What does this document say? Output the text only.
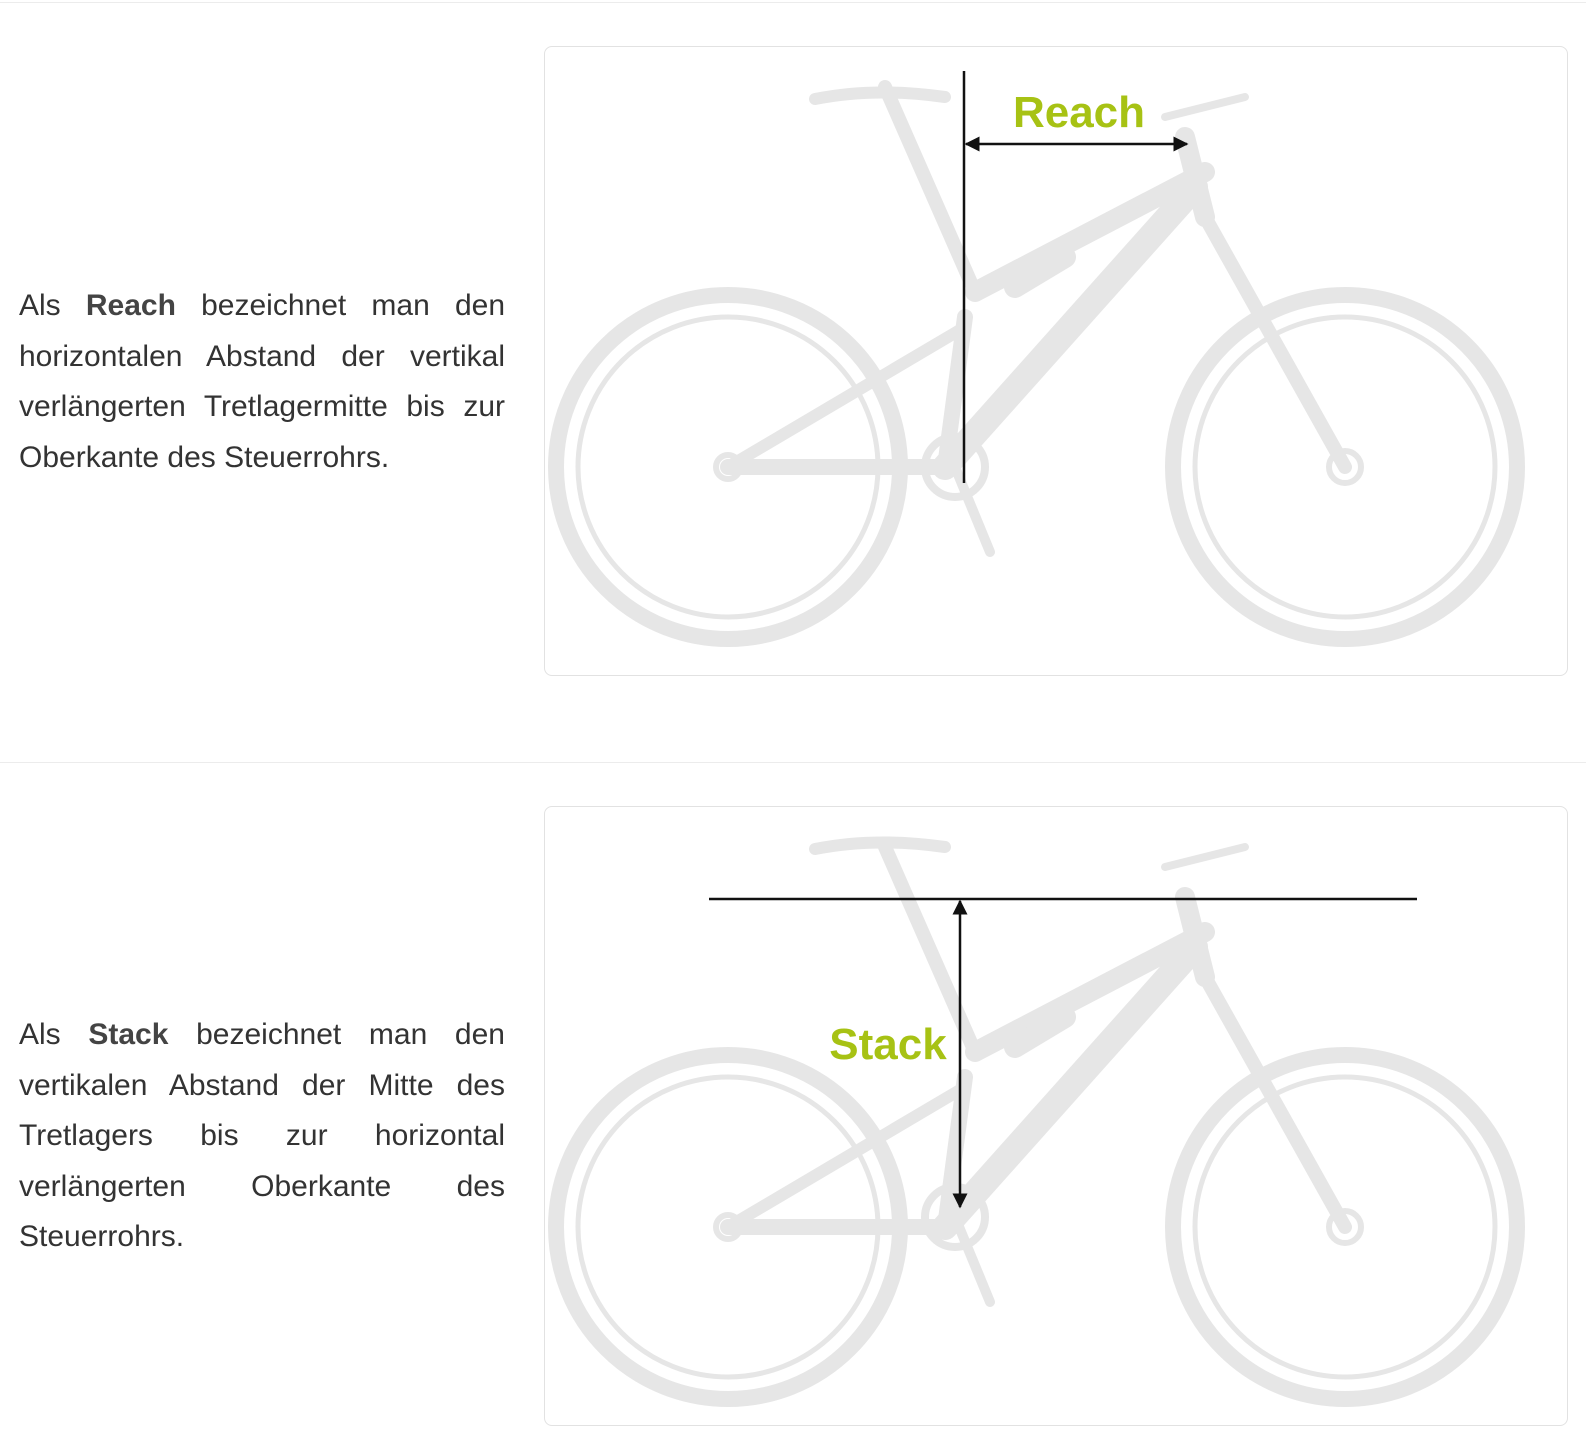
Als Reach bezeichnet man den horizontalen Abstand der vertikal verlängerten Tretlagermitte bis zur Oberkante des Steuerrohrs.

Reach

Als Stack bezeichnet man den vertikalen Abstand der Mitte des Tretlagers bis zur horizontal verlängerten Oberkante des Steuerrohrs.

Stack
